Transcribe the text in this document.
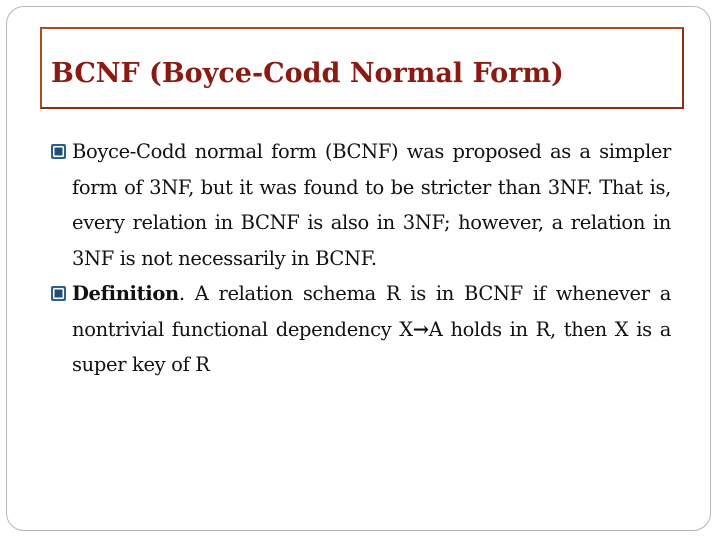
BCNF (Boyce-Codd Normal Form)
Boyce-Codd normal form (BCNF) was proposed as a simpler form of 3NF, but it was found to be stricter than 3NF. That is, every relation in BCNF is also in 3NF; however, a relation in 3NF is not necessarily in BCNF.
Definition. A relation schema R is in BCNF if whenever a nontrivial functional dependency X→A holds in R, then X is a super key of R
